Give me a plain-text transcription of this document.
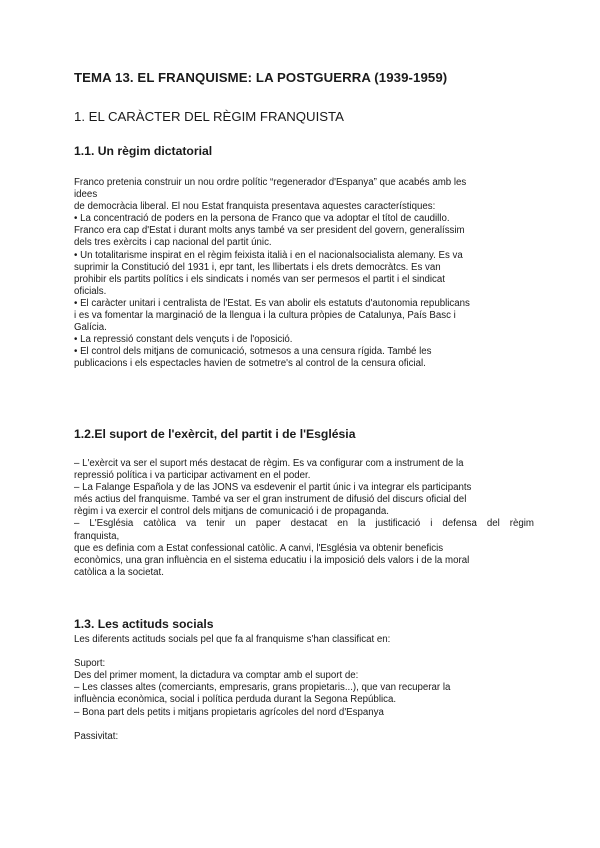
TEMA 13. EL FRANQUISME: LA POSTGUERRA (1939-1959)
1. EL CARÀCTER DEL RÈGIM FRANQUISTA
1.1. Un règim dictatorial

Franco pretenia construir un nou ordre polític “regenerador d'Espanya” que acabés amb les

idees

de democràcia liberal. El nou Estat franquista presentava aquestes característiques:

• La concentració de poders en la persona de Franco que va adoptar el títol de caudillo.

Franco era cap d'Estat i durant molts anys també va ser president del govern, generalíssim

dels tres exèrcits i cap nacional del partit únic.

• Un totalitarisme inspirat en el règim feixista italià i en el nacionalsocialista alemany. Es va

suprimir la Constitució del 1931 i, epr tant, les llibertats i els drets democràtcs. Es van

prohibir els partits polítics i els sindicats i només van ser permesos el partit i el sindicat

oficials.

• El caràcter unitari i centralista de l'Estat. Es van abolir els estatuts d'autonomia republicans

i es va fomentar la marginació de la llengua i la cultura pròpies de Catalunya, País Basc i

Galícia.

• La repressió constant dels vençuts i de l'oposició.

• El control dels mitjans de comunicació, sotmesos a una censura rígida. També les

publicacions i els espectacles havien de sotmetre's al control de la censura oficial.

1.2.El suport de l'exèrcit, del partit i de l'Església

– L'exèrcit va ser el suport més destacat de règim. Es va configurar com a instrument de la

repressió política i va participar activament en el poder.

– La Falange Española y de las JONS va esdevenir el partit únic i va integrar els participants

més actius del franquisme. També va ser el gran instrument de difusió del discurs oficial del

règim i va exercir el control dels mitjans de comunicació i de propaganda.

– L'Església catòlica va tenir un paper destacat en la justificació i defensa del règim

franquista,

que es definia com a Estat confessional catòlic. A canvi, l'Església va obtenir beneficis

econòmics, una gran influència en el sistema educatiu i la imposició dels valors i de la moral

catòlica a la societat.

1.3. Les actituds socials

Les diferents actituds socials pel que fa al franquisme s'han classificat en:

Suport:

Des del primer moment, la dictadura va comptar amb el suport de:

– Les classes altes (comerciants, empresaris, grans propietaris...), que van recuperar la

influència econòmica, social i política perduda durant la Segona República.

– Bona part dels petits i mitjans propietaris agrícoles del nord d'Espanya

Passivitat:
